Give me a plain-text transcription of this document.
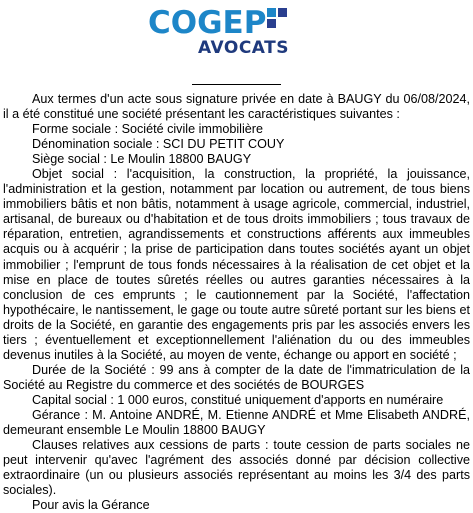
COGEP
AVOCATS

Aux termes d'un acte sous signature privée en date à BAUGY du 06/08/2024, il a été constitué une société présentant les caractéristiques suivantes :

Forme sociale : Société civile immobilière

Dénomination sociale : SCI DU PETIT COUY

Siège social : Le Moulin 18800 BAUGY

Objet social : l'acquisition, la construction, la propriété, la jouissance, l'administration et la gestion, notamment par location ou autrement, de tous biens immobiliers bâtis et non bâtis, notamment à usage agricole, commercial, industriel, artisanal, de bureaux ou d'habitation et de tous droits immobiliers ; tous travaux de réparation, entretien, agrandissements et constructions afférents aux immeubles acquis ou à acquérir ; la prise de participation dans toutes sociétés ayant un objet immobilier ; l'emprunt de tous fonds nécessaires à la réalisation de cet objet et la mise en place de toutes sûretés réelles ou autres garanties nécessaires à la conclusion de ces emprunts ; le cautionnement par la Société, l'affectation hypothécaire, le nantissement, le gage ou toute autre sûreté portant sur les biens et droits de la Société, en garantie des engagements pris par les associés envers les tiers ; éventuellement et exceptionnellement l'aliénation du ou des immeubles devenus inutiles à la Société, au moyen de vente, échange ou apport en société ;

Durée de la Société : 99 ans à compter de la date de l'immatriculation de la Société au Registre du commerce et des sociétés de BOURGES

Capital social : 1 000 euros, constitué uniquement d'apports en numéraire

Gérance : M. Antoine ANDRÉ, M. Etienne ANDRÉ et Mme Elisabeth ANDRÉ, demeurant ensemble Le Moulin 18800 BAUGY

Clauses relatives aux cessions de parts : toute cession de parts sociales ne peut intervenir qu'avec l'agrément des associés donné par décision collective extraordinaire (un ou plusieurs associés représentant au moins les 3/4 des parts sociales).

Pour avis la Gérance
